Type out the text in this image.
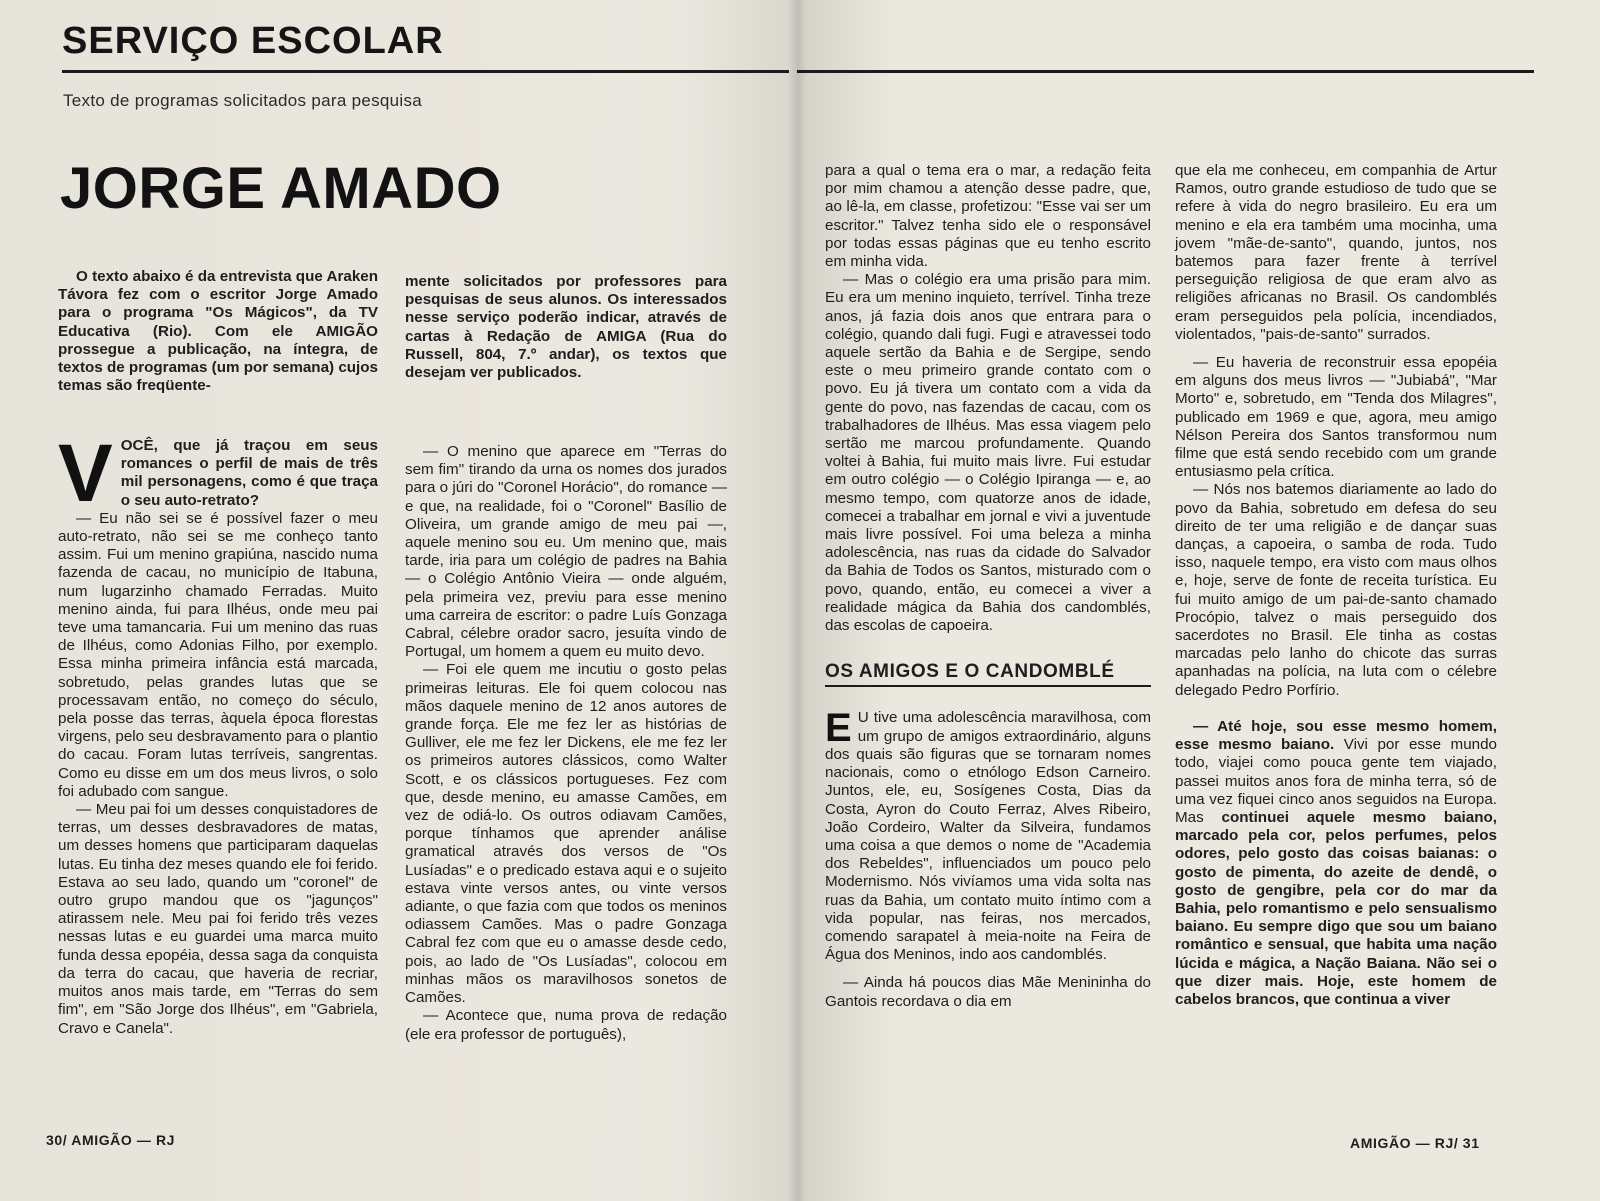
SERVIÇO ESCOLAR

Texto de programas solicitados para pesquisa

JORGE AMADO

O texto abaixo é da entrevista que Araken Távora fez com o escritor Jorge Amado para o programa "Os Mágicos", da TV Educativa (Rio). Com ele AMIGÃO prossegue a publicação, na íntegra, de textos de programas (um por semana) cujos temas são freqüente-

mente solicitados por professores para pesquisas de seus alunos. Os interessados nesse serviço poderão indicar, através de cartas à Redação de AMIGA (Rua do Russell, 804, 7.º andar), os textos que desejam ver publicados.

V OCÊ, que já traçou em seus romances o perfil de mais de três mil personagens, como é que traça o seu auto-retrato?

— Eu não sei se é possível fazer o meu auto-retrato, não sei se me conheço tanto assim. Fui um menino grapiúna, nascido numa fazenda de cacau, no município de Itabuna, num lugarzinho chamado Ferradas. Muito menino ainda, fui para Ilhéus, onde meu pai teve uma tamancaria. Fui um menino das ruas de Ilhéus, como Adonias Filho, por exemplo. Essa minha primeira infância está marcada, sobretudo, pelas grandes lutas que se processavam então, no começo do século, pela posse das terras, àquela época florestas virgens, pelo seu desbravamento para o plantio do cacau. Foram lutas terríveis, sangrentas. Como eu disse em um dos meus livros, o solo foi adubado com sangue.

— Meu pai foi um desses conquistadores de terras, um desses desbravadores de matas, um desses homens que participaram daquelas lutas. Eu tinha dez meses quando ele foi ferido. Estava ao seu lado, quando um "coronel" de outro grupo mandou que os "jagunços" atirassem nele. Meu pai foi ferido três vezes nessas lutas e eu guardei uma marca muito funda dessa epopéia, dessa saga da conquista da terra do cacau, que haveria de recriar, muitos anos mais tarde, em "Terras do sem fim", em "São Jorge dos Ilhéus", em "Gabriela, Cravo e Canela".

— O menino que aparece em "Terras do sem fim" tirando da urna os nomes dos jurados para o júri do "Coronel Horácio", do romance — e que, na realidade, foi o "Coronel" Basílio de Oliveira, um grande amigo de meu pai —, aquele menino sou eu. Um menino que, mais tarde, iria para um colégio de padres na Bahia — o Colégio Antônio Vieira — onde alguém, pela primeira vez, previu para esse menino uma carreira de escritor: o padre Luís Gonzaga Cabral, célebre orador sacro, jesuíta vindo de Portugal, um homem a quem eu muito devo.

— Foi ele quem me incutiu o gosto pelas primeiras leituras. Ele foi quem colocou nas mãos daquele menino de 12 anos autores de grande força. Ele me fez ler as histórias de Gulliver, ele me fez ler Dickens, ele me fez ler os primeiros autores clássicos, como Walter Scott, e os clássicos portugueses. Fez com que, desde menino, eu amasse Camões, em vez de odiá-lo. Os outros odiavam Camões, porque tínhamos que aprender análise gramatical através dos versos de "Os Lusíadas" e o predicado estava aqui e o sujeito estava vinte versos antes, ou vinte versos adiante, o que fazia com que todos os meninos odiassem Camões. Mas o padre Gonzaga Cabral fez com que eu o amasse desde cedo, pois, ao lado de "Os Lusíadas", colocou em minhas mãos os maravilhosos sonetos de Camões.

— Acontece que, numa prova de redação (ele era professor de português),

30/ AMIGÃO — RJ

para a qual o tema era o mar, a redação feita por mim chamou a atenção desse padre, que, ao lê-la, em classe, profetizou: "Esse vai ser um escritor." Talvez tenha sido ele o responsável por todas essas páginas que eu tenho escrito em minha vida.

— Mas o colégio era uma prisão para mim. Eu era um menino inquieto, terrível. Tinha treze anos, já fazia dois anos que entrara para o colégio, quando dali fugi. Fugi e atravessei todo aquele sertão da Bahia e de Sergipe, sendo este o meu primeiro grande contato com o povo. Eu já tivera um contato com a vida da gente do povo, nas fazendas de cacau, com os trabalhadores de Ilhéus. Mas essa viagem pelo sertão me marcou profundamente. Quando voltei à Bahia, fui muito mais livre. Fui estudar em outro colégio — o Colégio Ipiranga — e, ao mesmo tempo, com quatorze anos de idade, comecei a trabalhar em jornal e vivi a juventude mais livre possível. Foi uma beleza a minha adolescência, nas ruas da cidade do Salvador da Bahia de Todos os Santos, misturado com o povo, quando, então, eu comecei a viver a realidade mágica da Bahia dos candomblés, das escolas de capoeira.

OS AMIGOS E O CANDOMBLÉ
E U tive uma adolescência maravilhosa, com um grupo de amigos extraordinário, alguns dos quais são figuras que se tornaram nomes nacionais, como o etnólogo Edson Carneiro. Juntos, ele, eu, Sosígenes Costa, Dias da Costa, Ayron do Couto Ferraz, Alves Ribeiro, João Cordeiro, Walter da Silveira, fundamos uma coisa a que demos o nome de "Academia dos Rebeldes", influenciados um pouco pelo Modernismo. Nós vivíamos uma vida solta nas ruas da Bahia, um contato muito íntimo com a vida popular, nas feiras, nos mercados, comendo sarapatel à meia-noite na Feira de Água dos Meninos, indo aos candomblés.

— Ainda há poucos dias Mãe Menininha do Gantois recordava o dia em

que ela me conheceu, em companhia de Artur Ramos, outro grande estudioso de tudo que se refere à vida do negro brasileiro. Eu era um menino e ela era também uma mocinha, uma jovem "mãe-de-santo", quando, juntos, nos batemos para fazer frente à terrível perseguição religiosa de que eram alvo as religiões africanas no Brasil. Os candomblés eram perseguidos pela polícia, incendiados, violentados, "pais-de-santo" surrados.

— Eu haveria de reconstruir essa epopéia em alguns dos meus livros — "Jubiabá", "Mar Morto" e, sobretudo, em "Tenda dos Milagres", publicado em 1969 e que, agora, meu amigo Nélson Pereira dos Santos transformou num filme que está sendo recebido com um grande entusiasmo pela crítica.

— Nós nos batemos diariamente ao lado do povo da Bahia, sobretudo em defesa do seu direito de ter uma religião e de dançar suas danças, a capoeira, o samba de roda. Tudo isso, naquele tempo, era visto com maus olhos e, hoje, serve de fonte de receita turística. Eu fui muito amigo de um pai-de-santo chamado Procópio, talvez o mais perseguido dos sacerdotes no Brasil. Ele tinha as costas marcadas pelo lanho do chicote das surras apanhadas na polícia, na luta com o célebre delegado Pedro Porfírio.

— Até hoje, sou esse mesmo homem, esse mesmo baiano. Vivi por esse mundo todo, viajei como pouca gente tem viajado, passei muitos anos fora de minha terra, só de uma vez fiquei cinco anos seguidos na Europa. Mas continuei aquele mesmo baiano, marcado pela cor, pelos perfumes, pelos odores, pelo gosto das coisas baianas: o gosto de pimenta, do azeite de dendê, o gosto de gengibre, pela cor do mar da Bahia, pelo romantismo e pelo sensualismo baiano. Eu sempre digo que sou um baiano romântico e sensual, que habita uma nação lúcida e mágica, a Nação Baiana. Não sei o que dizer mais. Hoje, este homem de cabelos brancos, que continua a viver

AMIGÃO — RJ/ 31
